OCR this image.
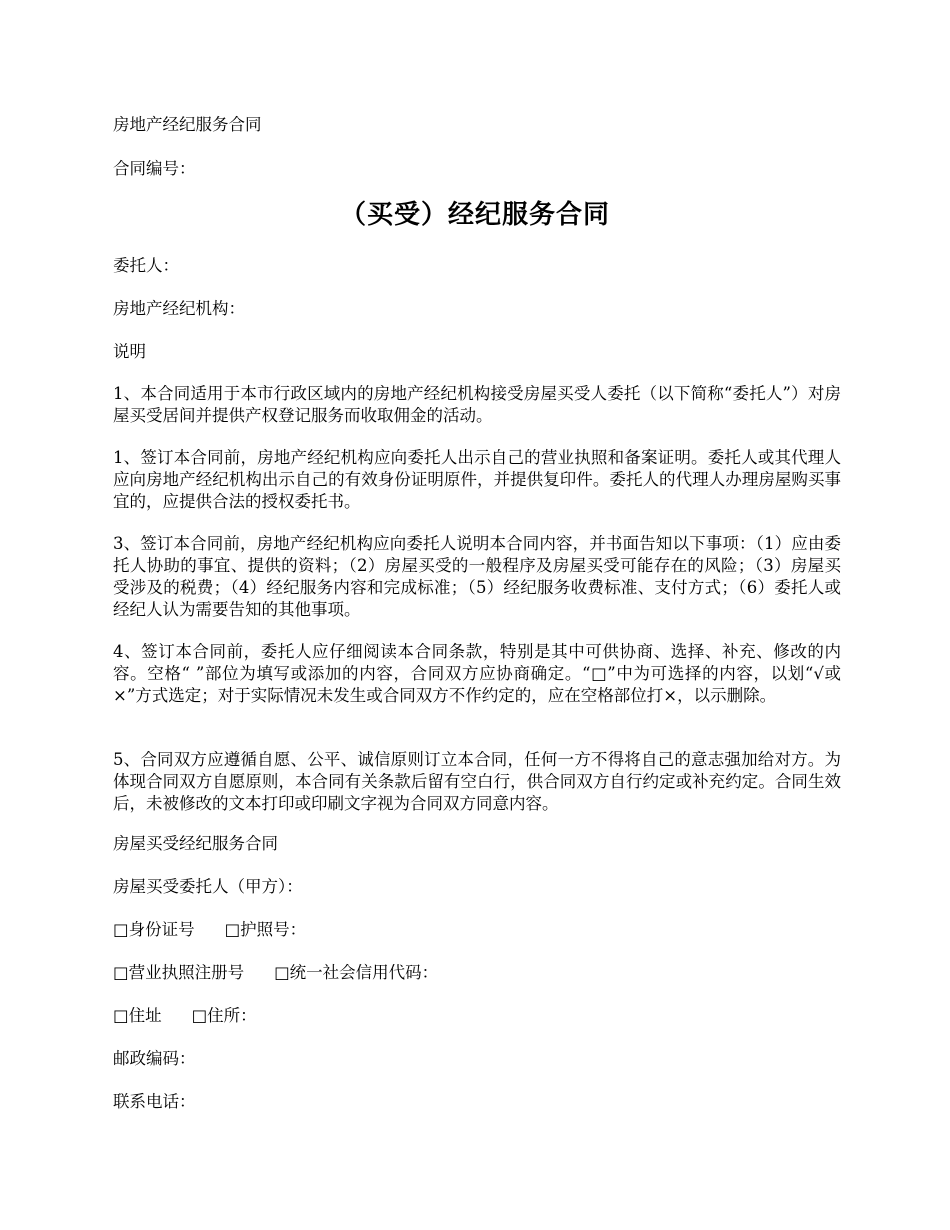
房地产经纪服务合同
合同编号：
（买受）经纪服务合同
委托人：
房地产经纪机构：
说明
1、本合同适用于本市行政区域内的房地产经纪机构接受房屋买受人委托（以下简称“委托人”）对房屋买受居间并提供产权登记服务而收取佣金的活动。
1、签订本合同前，房地产经纪机构应向委托人出示自己的营业执照和备案证明。委托人或其代理人应向房地产经纪机构出示自己的有效身份证明原件，并提供复印件。委托人的代理人办理房屋购买事宜的，应提供合法的授权委托书。
3、签订本合同前，房地产经纪机构应向委托人说明本合同内容，并书面告知以下事项：（1）应由委托人协助的事宜、提供的资料；（2）房屋买受的一般程序及房屋买受可能存在的风险；（3）房屋买受涉及的税费；（4）经纪服务内容和完成标准；（5）经纪服务收费标准、支付方式；（6）委托人或经纪人认为需要告知的其他事项。
4、签订本合同前，委托人应仔细阅读本合同条款，特别是其中可供协商、选择、补充、修改的内容。空格“ ”部位为填写或添加的内容，合同双方应协商确定。“□”中为可选择的内容，以划“√或×”方式选定；对于实际情况未发生或合同双方不作约定的，应在空格部位打×，以示删除。
5、合同双方应遵循自愿、公平、诚信原则订立本合同，任何一方不得将自己的意志强加给对方。为体现合同双方自愿原则，本合同有关条款后留有空白行，供合同双方自行约定或补充约定。合同生效后，未被修改的文本打印或印刷文字视为合同双方同意内容。
房屋买受经纪服务合同
房屋买受委托人（甲方）：
□身份证号 □护照号：
□营业执照注册号 □统一社会信用代码：
□住址 □住所：
邮政编码：
联系电话：
